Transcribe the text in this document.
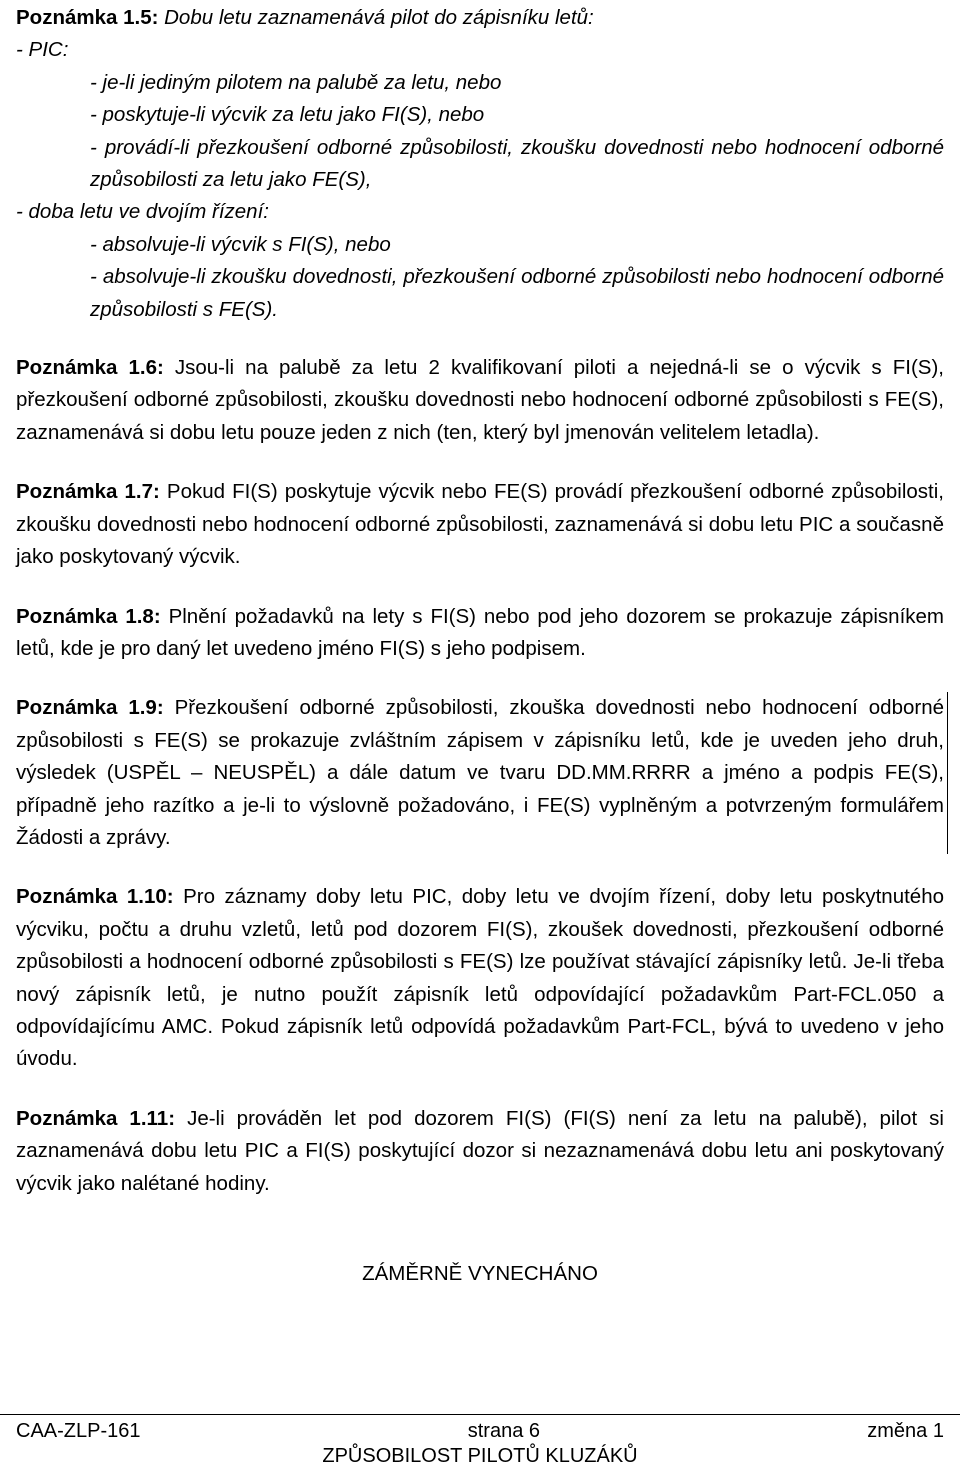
Poznámka 1.5: Dobu letu zaznamenává pilot do zápisníku letů:

- PIC:

- je-li jediným pilotem na palubě za letu, nebo

- poskytuje-li výcvik za letu jako FI(S), nebo

- provádí-li přezkoušení odborné způsobilosti, zkoušku dovednosti nebo hodnocení odborné způsobilosti za letu jako FE(S),

- doba letu ve dvojím řízení:

- absolvuje-li výcvik s FI(S), nebo

- absolvuje-li zkoušku dovednosti, přezkoušení odborné způsobilosti nebo hodnocení odborné způsobilosti s FE(S).

Poznámka 1.6: Jsou-li na palubě za letu 2 kvalifikovaní piloti a nejedná-li se o výcvik s FI(S), přezkoušení odborné způsobilosti, zkoušku dovednosti nebo hodnocení odborné způsobilosti s FE(S), zaznamenává si dobu letu pouze jeden z nich (ten, který byl jmenován velitelem letadla).

Poznámka 1.7: Pokud FI(S) poskytuje výcvik nebo FE(S) provádí přezkoušení odborné způsobilosti, zkoušku dovednosti nebo hodnocení odborné způsobilosti, zaznamenává si dobu letu PIC a současně jako poskytovaný výcvik.

Poznámka 1.8: Plnění požadavků na lety s FI(S) nebo pod jeho dozorem se prokazuje zápisníkem letů, kde je pro daný let uvedeno jméno FI(S) s jeho podpisem.

Poznámka 1.9: Přezkoušení odborné způsobilosti, zkouška dovednosti nebo hodnocení odborné způsobilosti s FE(S) se prokazuje zvláštním zápisem v zápisníku letů, kde je uveden jeho druh, výsledek (USPĚL – NEUSPĚL) a dále datum ve tvaru DD.MM.RRRR a jméno a podpis FE(S), případně jeho razítko a je-li to výslovně požadováno, i FE(S) vyplněným a potvrzeným formulářem Žádosti a zprávy.

Poznámka 1.10: Pro záznamy doby letu PIC, doby letu ve dvojím řízení, doby letu poskytnutého výcviku, počtu a druhu vzletů, letů pod dozorem FI(S), zkoušek dovednosti, přezkoušení odborné způsobilosti a hodnocení odborné způsobilosti s FE(S) lze používat stávající zápisníky letů. Je-li třeba nový zápisník letů, je nutno použít zápisník letů odpovídající požadavkům Part-FCL.050 a odpovídajícímu AMC. Pokud zápisník letů odpovídá požadavkům Part-FCL, bývá to uvedeno v jeho úvodu.

Poznámka 1.11: Je-li prováděn let pod dozorem FI(S) (FI(S) není za letu na palubě), pilot si zaznamenává dobu letu PIC a FI(S) poskytující dozor si nezaznamenává dobu letu ani poskytovaný výcvik jako nalétané hodiny.

ZÁMĚRNĚ VYNECHÁNO

CAA-ZLP-161	strana 6	změna 1
ZPŮSOBILOST PILOTŮ KLUZÁKŮ
